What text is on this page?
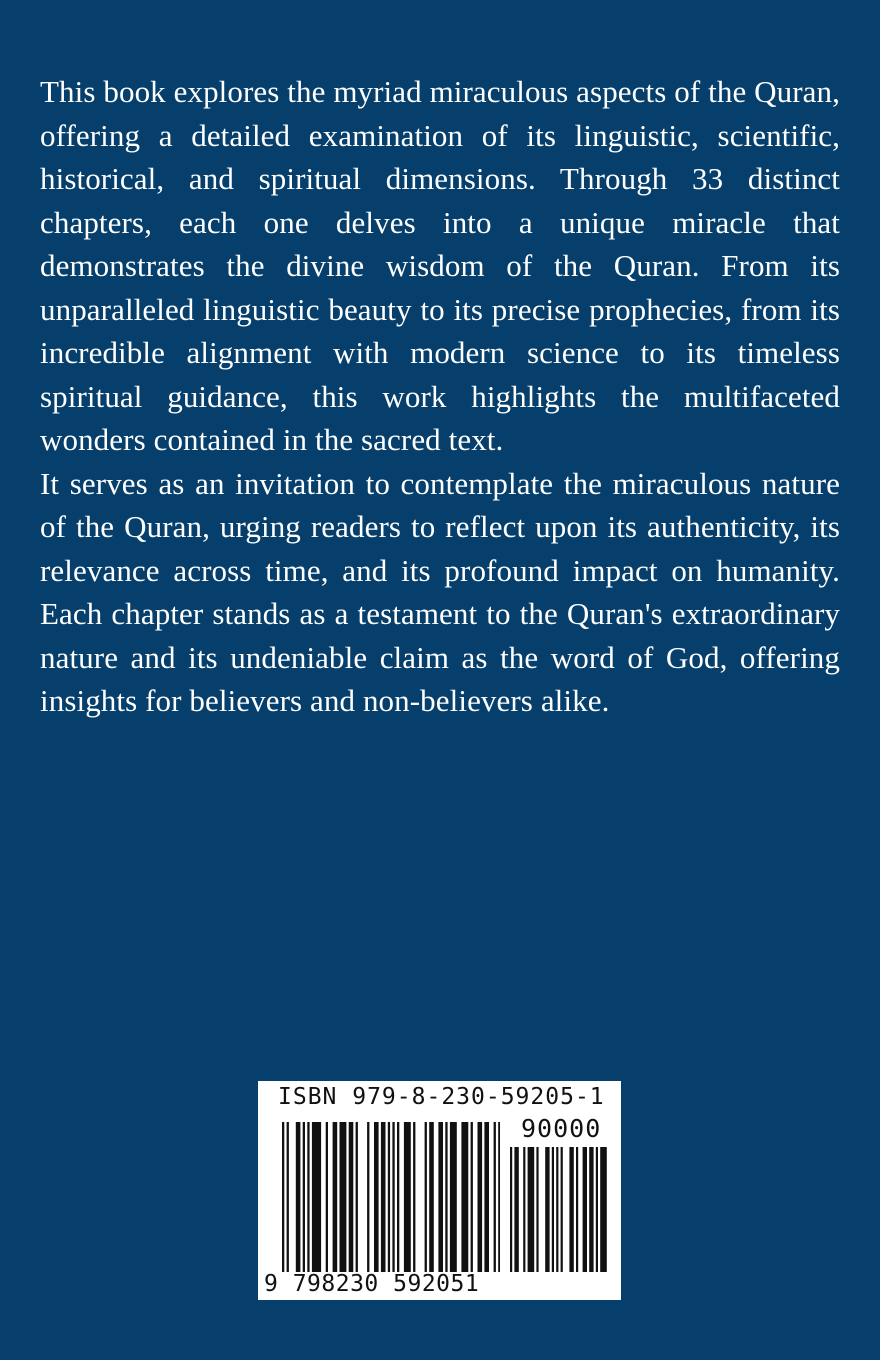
This book explores the myriad miraculous aspects of the Quran, offering a detailed examination of its linguistic, scientific, historical, and spiritual dimensions. Through 33 distinct chapters, each one delves into a unique miracle that demonstrates the divine wisdom of the Quran. From its unparalleled linguistic beauty to its precise prophecies, from its incredible alignment with modern science to its timeless spiritual guidance, this work highlights the multifaceted wonders contained in the sacred text.

It serves as an invitation to contemplate the miraculous nature of the Quran, urging readers to reflect upon its authenticity, its relevance across time, and its profound impact on humanity. Each chapter stands as a testament to the Quran's extraordinary nature and its undeniable claim as the word of God, offering insights for believers and non-believers alike.

ISBN 979-8-230-59205-1
90000
9 798230 592051
